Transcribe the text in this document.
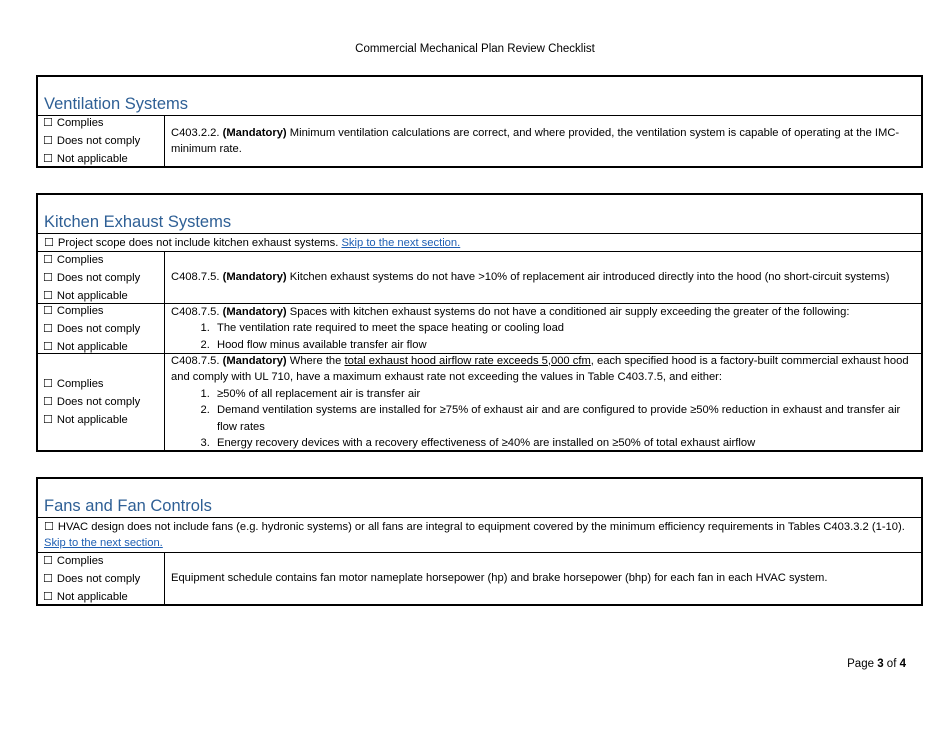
Commercial Mechanical Plan Review Checklist
Ventilation Systems
☐ Complies
☐ Does not comply
☐ Not applicable
C403.2.2. (Mandatory) Minimum ventilation calculations are correct, and where provided, the ventilation system is capable of operating at the IMC-minimum rate.
Kitchen Exhaust Systems
☐ Project scope does not include kitchen exhaust systems. Skip to the next section.
☐ Complies
☐ Does not comply
☐ Not applicable
C408.7.5. (Mandatory) Kitchen exhaust systems do not have >10% of replacement air introduced directly into the hood (no short-circuit systems)
☐ Complies
☐ Does not comply
☐ Not applicable
C408.7.5. (Mandatory) Spaces with kitchen exhaust systems do not have a conditioned air supply exceeding the greater of the following:
1. The ventilation rate required to meet the space heating or cooling load
2. Hood flow minus available transfer air flow
☐ Complies
☐ Does not comply
☐ Not applicable
C408.7.5. (Mandatory) Where the total exhaust hood airflow rate exceeds 5,000 cfm, each specified hood is a factory-built commercial exhaust hood and comply with UL 710, have a maximum exhaust rate not exceeding the values in Table C403.7.5, and either:
1. ≥50% of all replacement air is transfer air
2. Demand ventilation systems are installed for ≥75% of exhaust air and are configured to provide ≥50% reduction in exhaust and transfer air flow rates
3. Energy recovery devices with a recovery effectiveness of ≥40% are installed on ≥50% of total exhaust airflow
Fans and Fan Controls
☐ HVAC design does not include fans (e.g. hydronic systems) or all fans are integral to equipment covered by the minimum efficiency requirements in Tables C403.3.2 (1-10). Skip to the next section.
☐ Complies
☐ Does not comply
☐ Not applicable
Equipment schedule contains fan motor nameplate horsepower (hp) and brake horsepower (bhp) for each fan in each HVAC system.
Page 3 of 4
